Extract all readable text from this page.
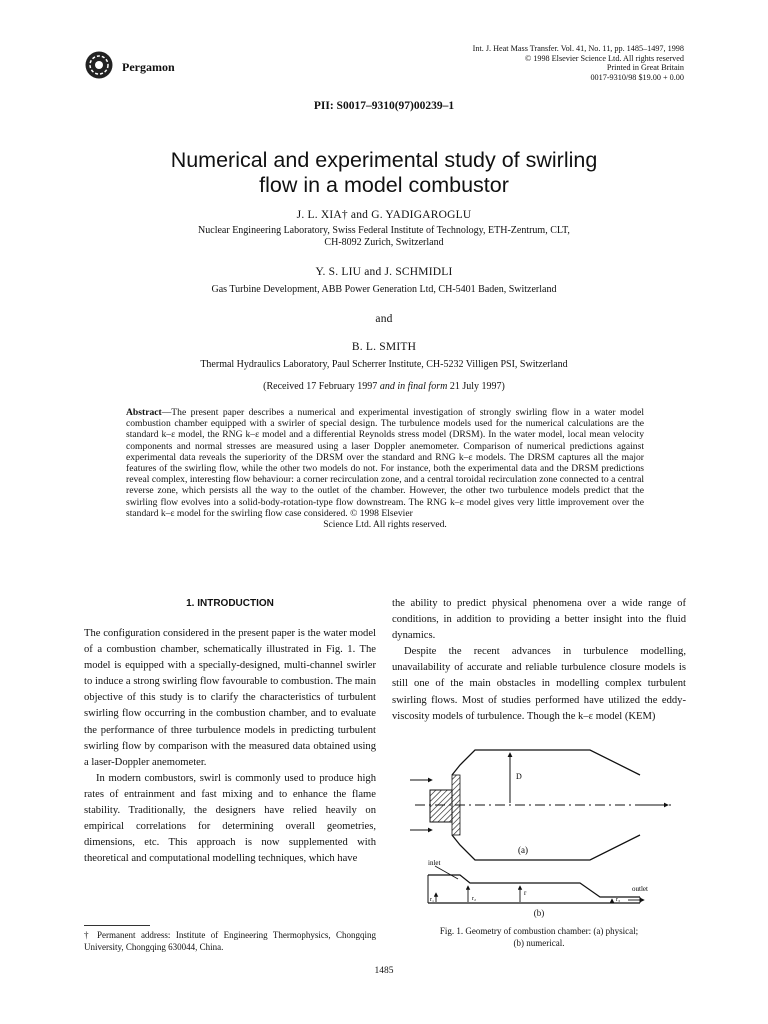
Pergamon
Int. J. Heat Mass Transfer. Vol. 41, No. 11, pp. 1485–1497, 1998
© 1998 Elsevier Science Ltd. All rights reserved
Printed in Great Britain
0017-9310/98 $19.00 + 0.00
PII: S0017–9310(97)00239–1
Numerical and experimental study of swirling
flow in a model combustor
J. L. XIA† and G. YADIGAROGLU
Nuclear Engineering Laboratory, Swiss Federal Institute of Technology, ETH-Zentrum, CLT,
CH-8092 Zurich, Switzerland
Y. S. LIU and J. SCHMIDLI
Gas Turbine Development, ABB Power Generation Ltd, CH-5401 Baden, Switzerland
and
B. L. SMITH
Thermal Hydraulics Laboratory, Paul Scherrer Institute, CH-5232 Villigen PSI, Switzerland
(Received 17 February 1997 and in final form 21 July 1997)
Abstract—The present paper describes a numerical and experimental investigation of strongly swirling flow in a water model combustion chamber equipped with a swirler of special design. The turbulence models used for the numerical calculations are the standard k–ε model, the RNG k–ε model and a differential Reynolds stress model (DRSM). In the water model, local mean velocity components and normal stresses are measured using a laser Doppler anemometer. Comparison of numerical predictions against experimental data reveals the superiority of the DRSM over the standard and RNG k–ε models. The DRSM captures all the major features of the swirling flow, while the other two models do not. For instance, both the experimental data and the DRSM predictions reveal complex, interesting flow behaviour: a corner recirculation zone, and a central toroidal recirculation zone connected to a central reverse zone, which persists all the way to the outlet of the chamber. However, the other two turbulence models predict that the swirling flow evolves into a solid-body-rotation-type flow downstream. The RNG k–ε model gives very little improvement over the standard k–ε model for the swirling flow case considered. © 1998 Elsevier
Science Ltd. All rights reserved.
1. INTRODUCTION

The configuration considered in the present paper is the water model of a combustion chamber, schematically illustrated in Fig. 1. The model is equipped with a specially-designed, multi-channel swirler to induce a strong swirling flow favourable to combustion. The main objective of this study is to clarify the characteristics of turbulent swirling flow occurring in the combustion chamber, and to evaluate the performance of three turbulence models in predicting turbulent swirling flow by comparison with the measured data obtained using a laser-Doppler anemometer.

In modern combustors, swirl is commonly used to produce high rates of entrainment and fast mixing and to enhance the flame stability. Traditionally, the designers have relied heavily on empirical correlations for determining overall geometries, dimensions, etc. This approach is now supplemented with theoretical and computational modelling techniques, which have

the ability to predict physical phenomena over a wide range of conditions, in addition to providing a better insight into the fluid dynamics.

Despite the recent advances in turbulence modelling, unavailability of accurate and reliable turbulence closure models is still one of the main obstacles in modelling complex turbulent swirling flows. Most of studies performed have utilized the eddy-viscosity models of turbulence. Though the k–ε model (KEM)

D
(a)
inlet
outlet
r
r₁	r₂	r₃
(b)
† Permanent address: Institute of Engineering Thermophysics, Chongqing University, Chongqing 630044, China.
Fig. 1. Geometry of combustion chamber: (a) physical;
(b) numerical.
1485
